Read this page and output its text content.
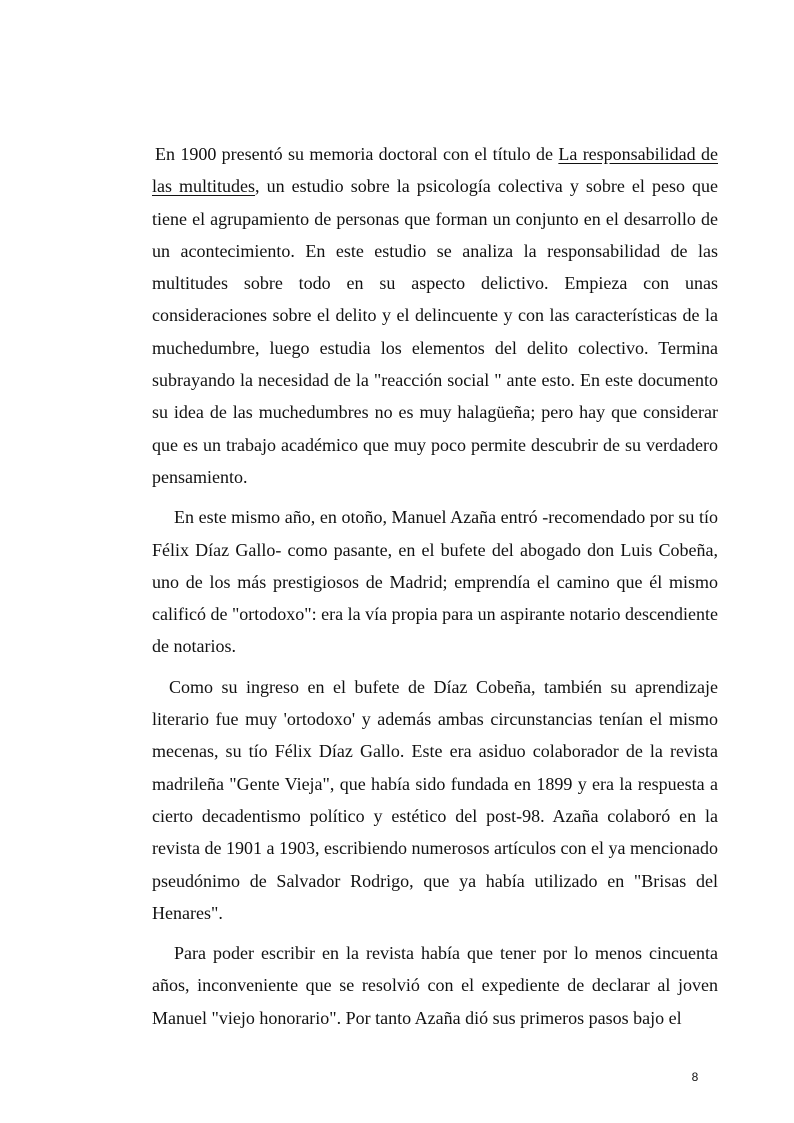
En 1900 presentó su memoria doctoral con el título de La responsabilidad de las multitudes, un estudio sobre la psicología colectiva y sobre el peso que tiene el agrupamiento de personas que forman un conjunto en el desarrollo de un acontecimiento. En este estudio se analiza la responsabilidad de las multitudes sobre todo en su aspecto delictivo. Empieza con unas consideraciones sobre el delito y el delincuente y con las características de la muchedumbre, luego estudia los elementos del delito colectivo. Termina subrayando la necesidad de la "reacción social " ante esto. En este documento su idea de las muchedumbres no es muy halagüeña; pero hay que considerar que es un trabajo académico que muy poco permite descubrir de su verdadero pensamiento.

En este mismo año, en otoño, Manuel Azaña entró -recomendado por su tío Félix Díaz Gallo- como pasante, en el bufete del abogado don Luis Cobeña, uno de los más prestigiosos de Madrid; emprendía el camino que él mismo calificó de "ortodoxo": era la vía propia para un aspirante notario descendiente de notarios.

Como su ingreso en el bufete de Díaz Cobeña, también su aprendizaje literario fue muy 'ortodoxo' y además ambas circunstancias tenían el mismo mecenas, su tío Félix Díaz Gallo. Este era asiduo colaborador de la revista madrileña "Gente Vieja", que había sido fundada en 1899 y era la respuesta a cierto decadentismo político y estético del post-98. Azaña colaboró en la revista de 1901 a 1903, escribiendo numerosos artículos con el ya mencionado pseudónimo de Salvador Rodrigo, que ya había utilizado en "Brisas del Henares".

Para poder escribir en la revista había que tener por lo menos cincuenta años, inconveniente que se resolvió con el expediente de declarar al joven Manuel "viejo honorario". Por tanto Azaña dió sus primeros pasos bajo el

8
